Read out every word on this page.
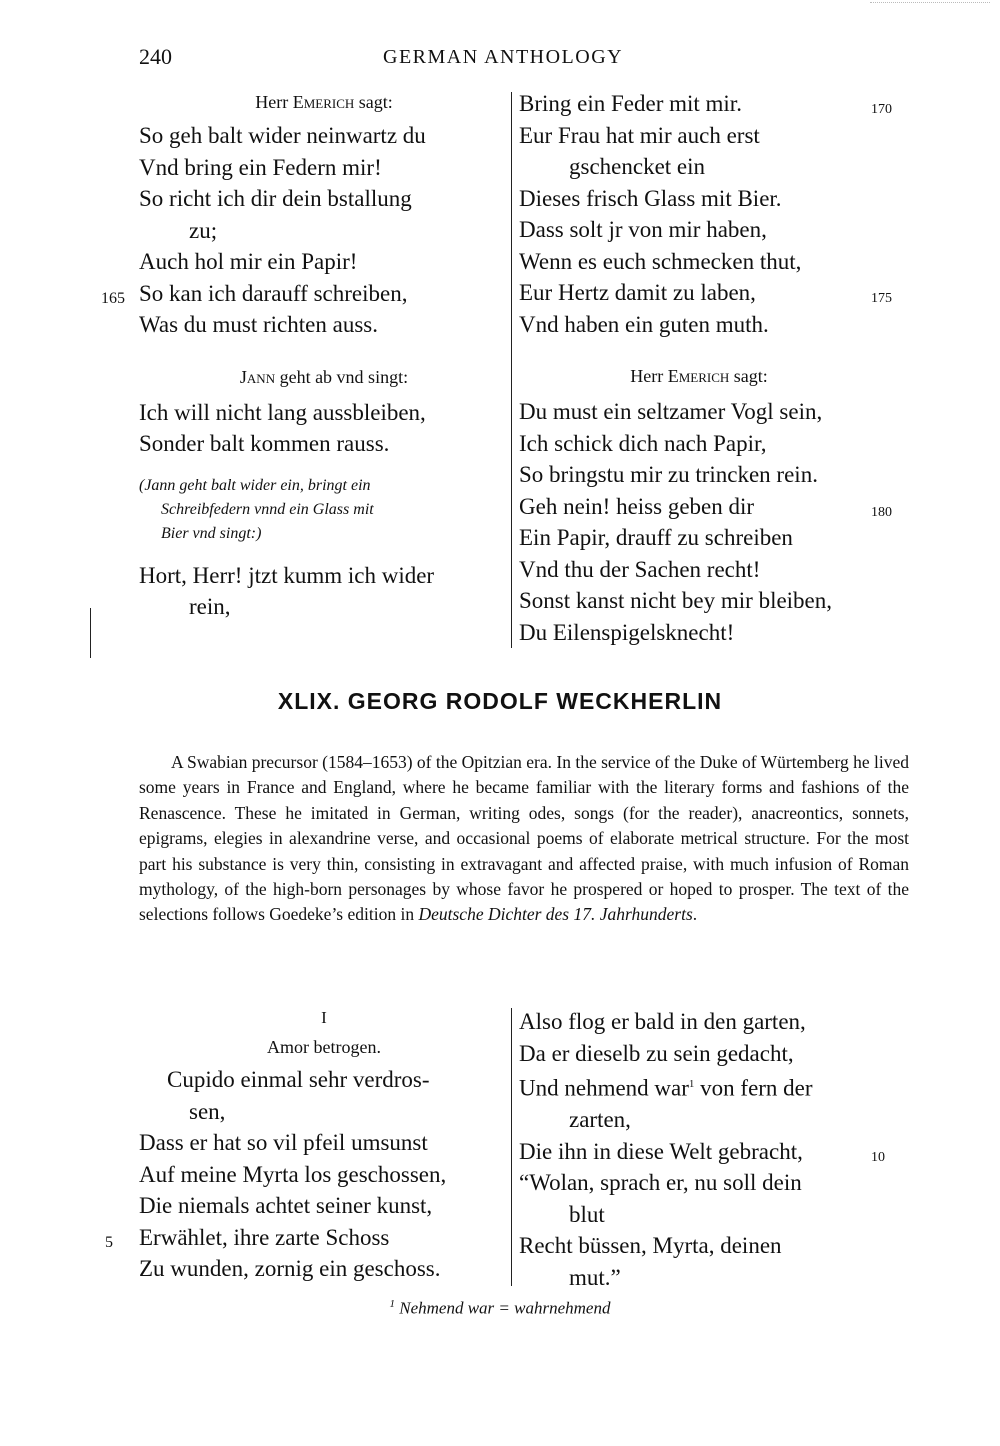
240	GERMAN ANTHOLOGY
Herr Emerich sagt:
So geh balt wider neinwartz du
Vnd bring ein Federn mir!
So richt ich dir dein bstallung
zu;
Auch hol mir ein Papir!
165 So kan ich darauff schreiben,
Was du must richten auss.
Jann geht ab vnd singt:
Ich will nicht lang aussbleiben,
Sonder balt kommen rauss.
(Jann geht balt wider ein, bringt ein
Schreibfedern vnnd ein Glass mit
Bier vnd singt:)
Hort, Herr! jtzt kumm ich wider
rein,
Bring ein Feder mit mir.	170
Eur Frau hat mir auch erst
gschencket ein
Dieses frisch Glass mit Bier.
Dass solt jr von mir haben,
Wenn es euch schmecken thut,
Eur Hertz damit zu laben,	175
Vnd haben ein guten muth.
Herr Emerich sagt:
Du must ein seltzamer Vogl sein,
Ich schick dich nach Papir,
So bringstu mir zu trincken rein.
Geh nein! heiss geben dir	180
Ein Papir, drauff zu schreiben
Vnd thu der Sachen recht!
Sonst kanst nicht bey mir bleiben,
Du Eilenspigelsknecht!
XLIX. GEORG RODOLF WECKHERLIN

A Swabian precursor (1584–1653) of the Opitzian era. In the service of the Duke of Würtemberg he lived some years in France and England, where he became familiar with the literary forms and fashions of the Renascence. These he imitated in German, writing odes, songs (for the reader), anacreontics, sonnets, epigrams, elegies in alexandrine verse, and occasional poems of elaborate metrical structure. For the most part his substance is very thin, consisting in extravagant and affected praise, with much infusion of Roman mythology, of the high-born personages by whose favor he prospered or hoped to prosper. The text of the selections follows Goedeke’s edition in Deutsche Dichter des 17. Jahrhunderts.

I
Amor betrogen.
Cupido einmal sehr verdros-
sen,
Dass er hat so vil pfeil umsunst
Auf meine Myrta los geschossen,
Die niemals achtet seiner kunst,
5 Erwählet, ihre zarte Schoss
Zu wunden, zornig ein geschoss.
Also flog er bald in den garten,
Da er dieselb zu sein gedacht,
Und nehmend war$^1$ von fern der
zarten,
Die ihn in diese Welt gebracht,	10
“Wolan, sprach er, nu soll dein
blut
Recht büssen, Myrta, deinen
mut.”
$^1$ Nehmend war = wahrnehmend
